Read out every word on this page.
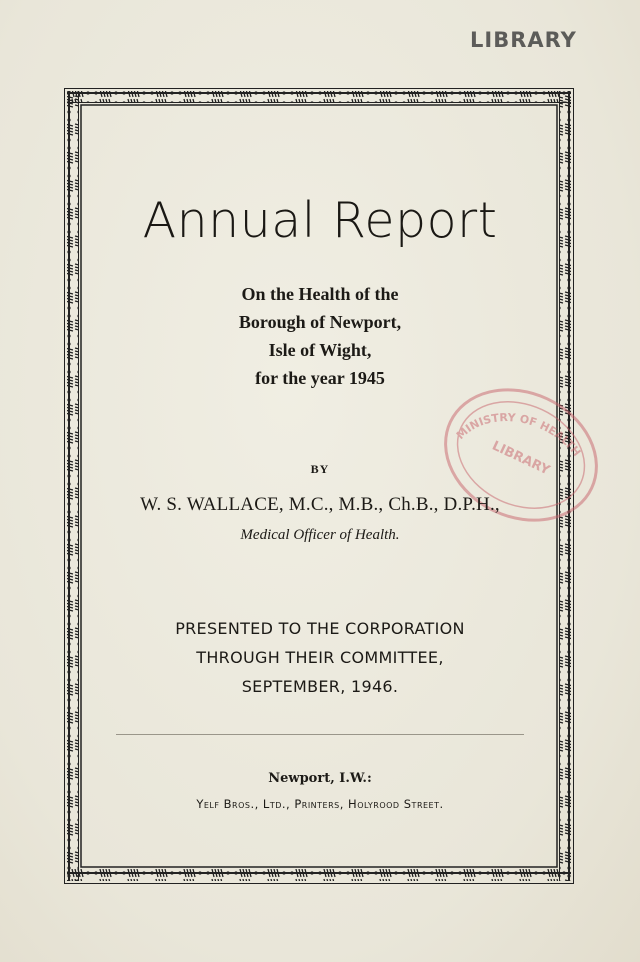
LIBRARY
MINISTRY OF HEALTH
LIBRARY
Annual Report
On the Health of the
Borough of Newport,
Isle of Wight,
for the year 1945
BY
W. S. WALLACE, M.C., M.B., Ch.B., D.P.H.,
Medical Officer of Health.
PRESENTED TO THE CORPORATION
THROUGH THEIR COMMITTEE,
SEPTEMBER, 1946.
Newport, I.W.:
Yelf Bros., Ltd., Printers, Holyrood Street.
